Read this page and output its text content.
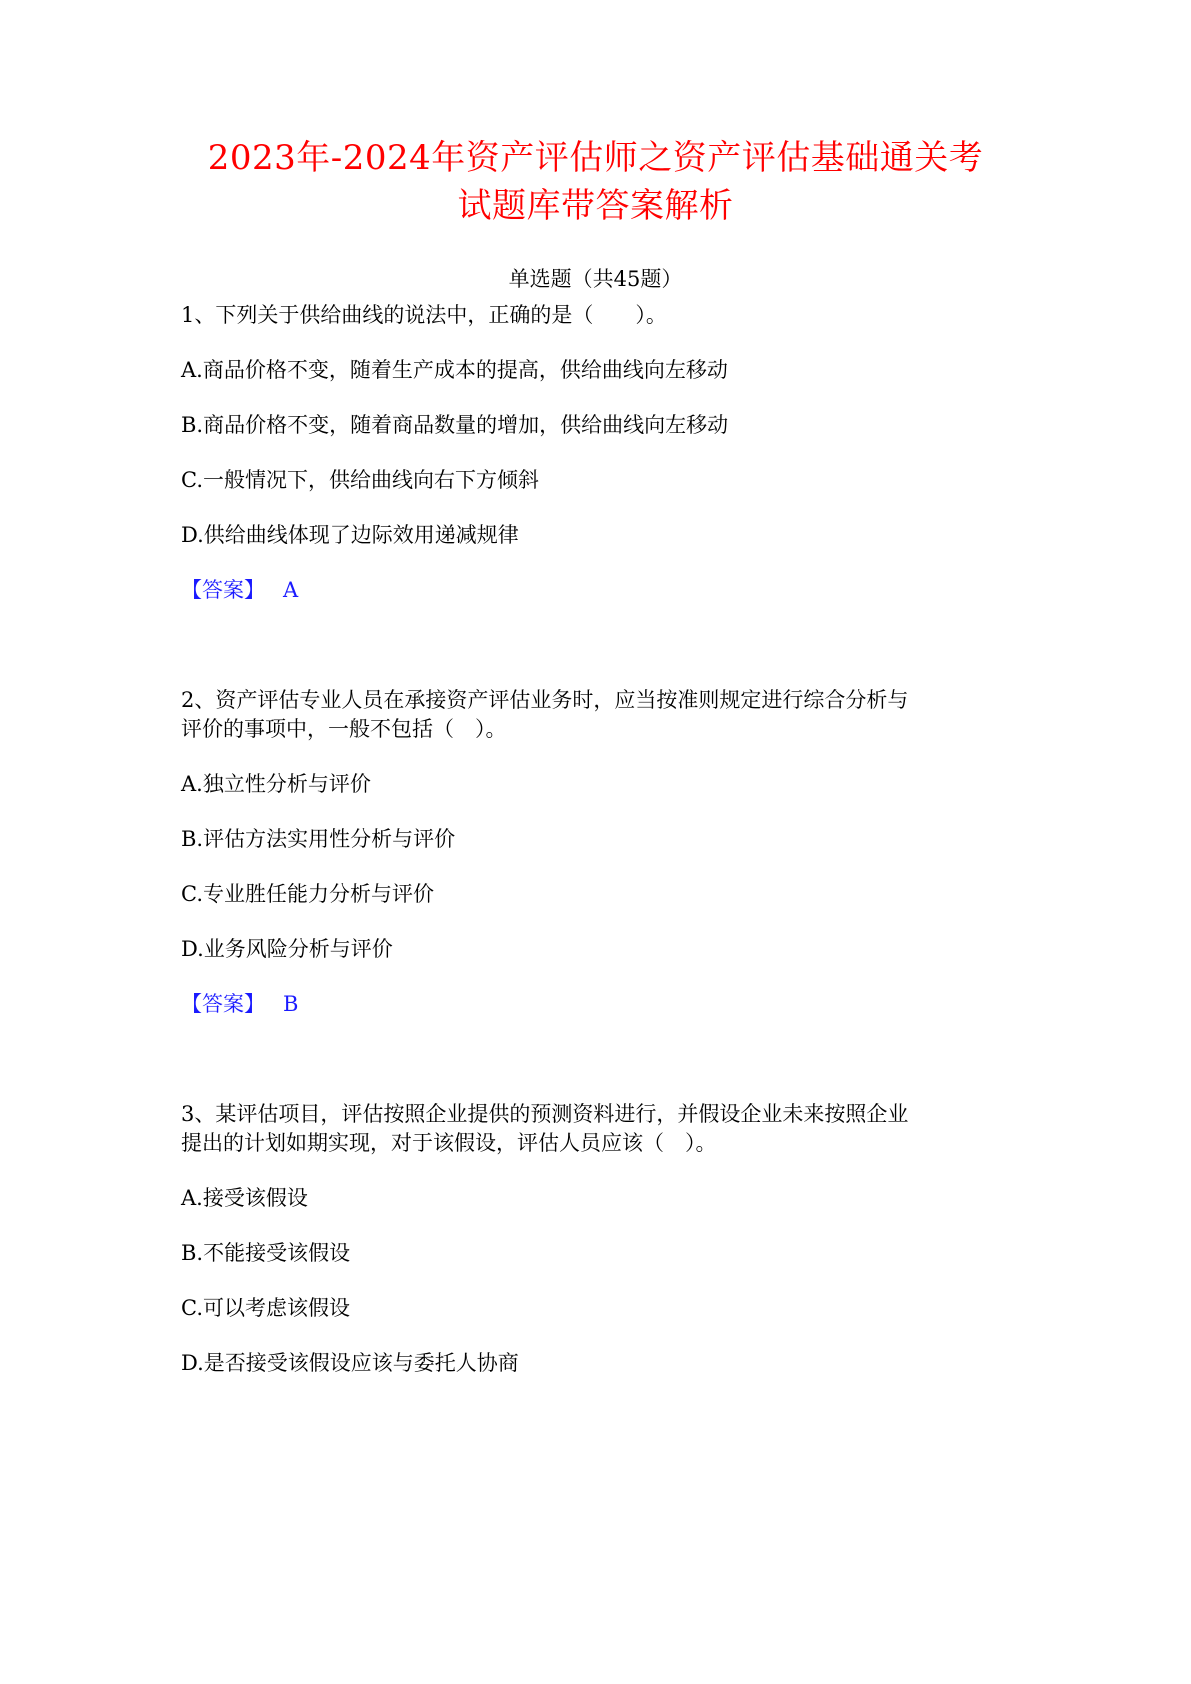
2023年-2024年资产评估师之资产评估基础通关考
试题库带答案解析
单选题（共45题）
1、下列关于供给曲线的说法中，正确的是（　　）。
A.商品价格不变，随着生产成本的提高，供给曲线向左移动
B.商品价格不变，随着商品数量的增加，供给曲线向左移动
C.一般情况下，供给曲线向右下方倾斜
D.供给曲线体现了边际效用递减规律
【答案】 A
2、资产评估专业人员在承接资产评估业务时，应当按准则规定进行综合分析与
评价的事项中，一般不包括（　）。
A.独立性分析与评价
B.评估方法实用性分析与评价
C.专业胜任能力分析与评价
D.业务风险分析与评价
【答案】 B
3、某评估项目，评估按照企业提供的预测资料进行，并假设企业未来按照企业
提出的计划如期实现，对于该假设，评估人员应该（　）。
A.接受该假设
B.不能接受该假设
C.可以考虑该假设
D.是否接受该假设应该与委托人协商
